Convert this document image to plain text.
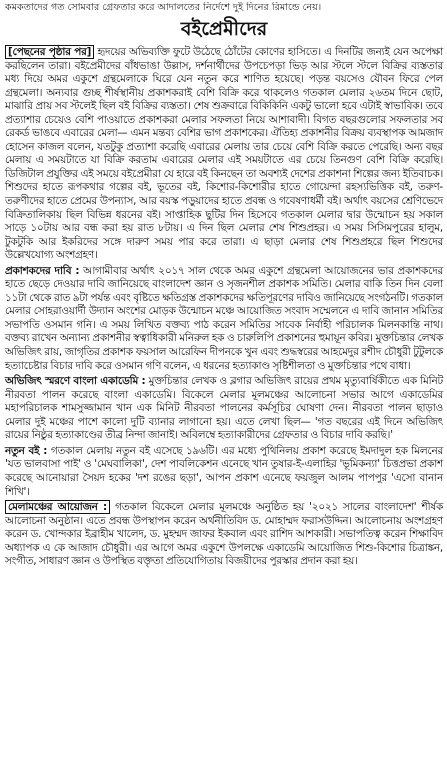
কমকতাদের গত সোমবার গ্রেফতার করে আদালতের নির্দেশে দুই দিনের রিমান্ডে নেয়।
বইপ্রেমীদের

[পেছনের পৃষ্ঠার পর] হৃদয়ের অভিব্যক্তি ফুটে উঠেছে ঠোঁটের কোণের হাসিতে। এ দিনটির জন্যই যেন অপেক্ষা করছিলেন তারা। বইপ্রেমীদের বাঁধভাঙা উল্লাস, দর্শনার্থীদের উপচেপড়া ভিড় আর স্টলে স্টলে বিক্রির ব্যস্ততার মধ্য দিয়ে অমর একুশে গ্রন্থমেলাকে ঘিরে যেন নতুন করে শাণিত হয়েছে। পড়ন্ত বয়সেও যৌবন ফিরে পেল গ্রন্থমেলা। অন্যবার গুচ্ছ শীর্ষস্থানীয় প্রকাশকরাই বেশি বিক্রি করে থাকলেও গতকাল মেলার ২৬তম দিনে ছোট, মাঝারি প্রায় সব স্টলেই ছিল বই বিক্রির ব্যস্ততা। শেষ শুক্রবারে বিকিকিনি একটু ভালো হবে এটাই স্বাভাবিক। তবে প্রত্যাশার চেয়েও বেশি পাওয়াতে প্রকাশকরা মেলার সফলতা নিয়ে আশাবাদী। বিগত বছরগুলোর সফলতার সব রেকর্ড ভাঙবে এবারের মেলা— এমন মন্তব্য বেশির ভাগ প্রকাশকের। ঐতিহ্য প্রকাশনীর বিক্রয় ব্যবস্থাপক আমজাদ হোসেন কাজল বলেন, যতটুকু প্রত্যাশা করেছি এবারের মেলায় তার চেয়ে বেশি বিক্রি করতে পেরেছি। অন্য বছর মেলায় এ সময়টাতে যা বিক্রি করতাম এবারের মেলার এই সময়টাতে এর চেয়ে তিনগুণ বেশি বিক্রি করেছি। ডিজিটাল প্রযুক্তির এই সময়ে বইপ্রেমীরা যে হারে বই কিনছেন তা অবশ্যই দেশের প্রকাশনা শিল্পের জন্য ইতিবাচক। শিশুদের হাতে রূপকথার গল্পের বই, ভূতের বই, কিশোর-কিশোরীর হাতে গোয়েন্দা রহস্যভিত্তিক বই, তরুণ-তরুণীদের হাতে প্রেমের উপন্যাস, আর বয়স্ক পড়ুয়াদের হাতে প্রবন্ধ ও গবেষণাধর্মী বই। অর্থাৎ বয়সের শ্রেণিভেদে বিক্রিতালিকায় ছিল বিভিন্ন ধরনের বই। সাপ্তাহিক ছুটির দিন হিসেবে গতকাল মেলার দ্বার উন্মোচন হয় সকাল সাড়ে ১০টায় আর বন্ধ করা হয় রাত ৮টায়। এ দিন ছিল মেলার শেষ শিশুপ্রহর। এ সময় সিসিমপুরের হালুম, টুকটুকি আর ইকরিদের সঙ্গে দারুণ সময় পার করে তারা। এ ছাড়া মেলার শেষ শিশুপ্রহরে ছিল শিশুদের উল্লেখযোগ্য অংশগ্রহণ।

প্রকাশকদের দাবি : আগামীবার অর্থাৎ ২০১৭ সাল থেকে অমর একুশে গ্রন্থমেলা আয়োজনের ভার প্রকাশকদের হাতে ছেড়ে দেওয়ার দাবি জানিয়েছে বাংলাদেশ জ্ঞান ও সৃজনশীল প্রকাশক সমিতি। মেলার বাকি তিন দিন বেলা ১১টা থেকে রাত ৯টা পর্যন্ত এবং বৃষ্টিতে ক্ষতিগ্রস্ত প্রকাশকদের ক্ষতিপূরণের দাবিও জানিয়েছে সংগঠনটি। গতকাল মেলার সোহরাওয়ার্দী উদ্যান অংশের মোড়ক উন্মোচন মঞ্চে আয়োজিত সংবাদ সম্মেলনে এ দাবি জানান সমিতির সভাপতি ওসমান গনি। এ সময় লিখিত বক্তব্য পাঠ করেন সমিতির সাবেক নির্বাহী পরিচালক মিলনকান্তি নাথ। বক্তব্য রাখেন অন্যান্য প্রকাশনীর স্বত্বাধিকারী মনিরুল হক ও চারুলিপি প্রকাশনের হুমায়ূন কবির। মুক্তচিন্তার লেখক অভিজিৎ রায়, জাগৃতির প্রকাশক ফয়সাল আরেফিন দীপনকে খুন এবং শুদ্ধস্বরের আহমেদুর রশীদ চৌধুরী টুটুলকে হত্যাচেষ্টার বিচার দাবি করে ওসমান গণি বলেন, এ ধরনের হত্যাকাণ্ড সৃষ্টিশীলতা ও মুক্তচিন্তার পথে বাধা।

অভিজিৎ স্মরণে বাংলা একাডেমি : মুক্তচিন্তার লেখক ও ব্লগার অভিজিৎ রায়ের প্রথম মৃত্যুবার্ষিকীতে এক মিনিট নীরবতা পালন করেছে বাংলা একাডেমি। বিকেলে মেলার মূলমঞ্চের আলোচনা সভার আগে একাডেমির মহাপরিচালক শামসুজ্জামান খান এক মিনিট নীরবতা পালনের কর্মসূচির ঘোষণা দেন। নীরবতা পালন ছাড়াও মেলার দুই মঞ্চের পাশে কালো দুটি ব্যানার লাগানো হয়। এতে লেখা ছিল— 'গত বছরের এই দিনে অভিজিৎ রায়ের নিষ্ঠুর হত্যাকাণ্ডের তীব্র নিন্দা জানাই। অবিলম্বে হত্যাকারীদের গ্রেফতার ও বিচার দাবি করছি।'

নতুন বই : গতকাল মেলায় নতুন বই এসেছে ১৯৬টি। এর মধ্যে পুথিনিলয় প্রকাশ করেছে ইমদাদুল হক মিলনের 'যত ভালবাসা পাই' ও 'মেঘবালিকা', দেশ পাবলিকেশন এনেছে খান তুষার-ই-এলাহির 'ভূমিকন্যা' চিত্তপ্রভা প্রকাশ করেছে আনোয়ারা সৈয়দ হকের 'দশ রঙের ছড়া', আপন প্রকাশ এনেছে ফয়জুল আলম পাপপুর 'এসো বানান শিখি'।

মেলামঞ্চের আয়োজন : গতকাল বিকেলে মেলার মূলমঞ্চে অনুষ্ঠিত হয় '২০২১ সালের বাংলাদেশ' শীর্ষক আলোচনা অনুষ্ঠান। এতে প্রবন্ধ উপস্থাপন করেন অর্থনীতিবিদ ড. মোহাম্মদ ফরাসউদ্দিন। আলোচনায় অংশগ্রহণ করেন ড. খোন্দকার ইব্রাহীম খালেদ, ড. মুহম্মদ জাফর ইকবাল এবং রাশিদ আশকারী। সভাপতিত্ব করেন শিক্ষাবিদ অধ্যাপক এ কে আজাদ চৌধুরী। এর আগে অমর একুশে উপলক্ষে একাডেমি আয়োজিত শিশু-কিশোর চিত্রাঙ্কন, সংগীত, সাধারণ জ্ঞান ও উপস্থিত বক্তৃতা প্রতিযোগিতায় বিজয়ীদের পুরস্কার প্রদান করা হয়।
